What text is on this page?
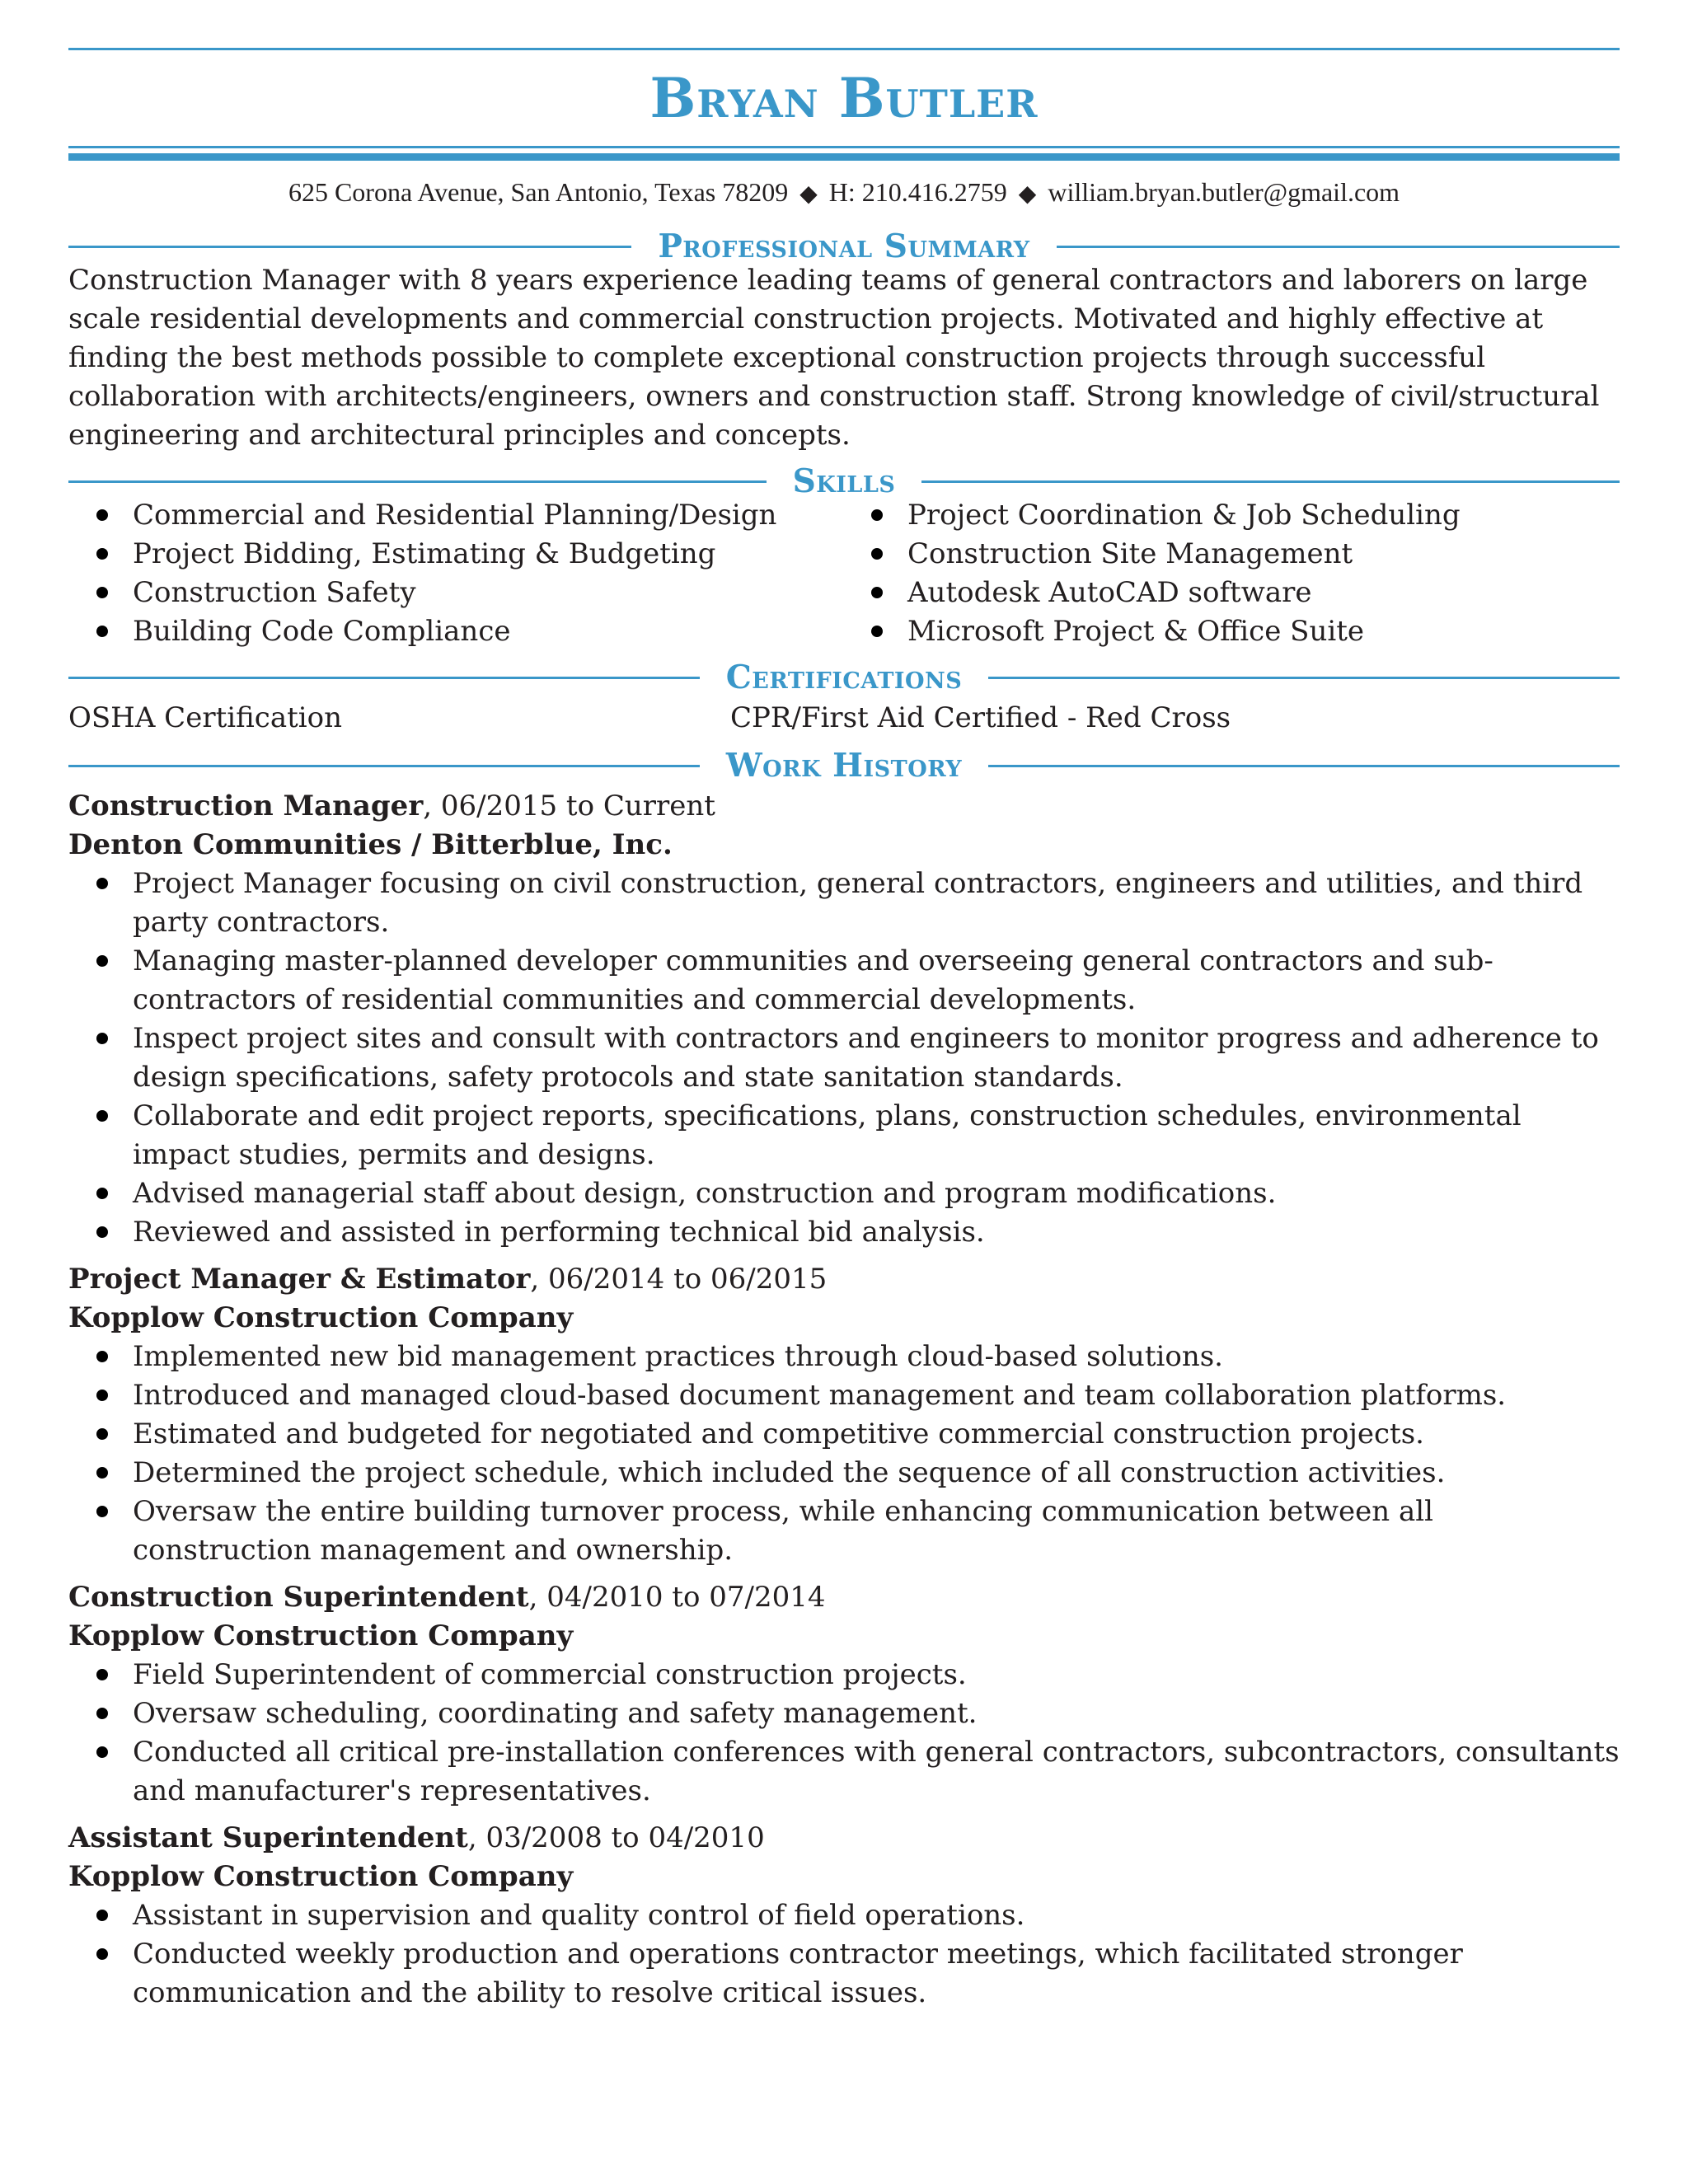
Bryan Butler
625 Corona Avenue, San Antonio, Texas 78209 ◆ H: 210.416.2759 ◆ william.bryan.butler@gmail.com
Professional Summary

Construction Manager with 8 years experience leading teams of general contractors and laborers on large scale residential developments and commercial construction projects. Motivated and highly effective at finding the best methods possible to complete exceptional construction projects through successful collaboration with architects/engineers, owners and construction staff. Strong knowledge of civil/structural engineering and architectural principles and concepts.

Skills
Commercial and Residential Planning/Design
Project Bidding, Estimating & Budgeting
Construction Safety
Building Code Compliance
Project Coordination & Job Scheduling
Construction Site Management
Autodesk AutoCAD software
Microsoft Project & Office Suite
Certifications
OSHA Certification	CPR/First Aid Certified - Red Cross
Work History
Construction Manager, 06/2015 to Current
Denton Communities / Bitterblue, Inc.
Project Manager focusing on civil construction, general contractors, engineers and utilities, and third party contractors.
Managing master-planned developer communities and overseeing general contractors and sub-contractors of residential communities and commercial developments.
Inspect project sites and consult with contractors and engineers to monitor progress and adherence to design specifications, safety protocols and state sanitation standards.
Collaborate and edit project reports, specifications, plans, construction schedules, environmental impact studies, permits and designs.
Advised managerial staff about design, construction and program modifications.
Reviewed and assisted in performing technical bid analysis.
Project Manager & Estimator, 06/2014 to 06/2015
Kopplow Construction Company
Implemented new bid management practices through cloud-based solutions.
Introduced and managed cloud-based document management and team collaboration platforms.
Estimated and budgeted for negotiated and competitive commercial construction projects.
Determined the project schedule, which included the sequence of all construction activities.
Oversaw the entire building turnover process, while enhancing communication between all construction management and ownership.
Construction Superintendent, 04/2010 to 07/2014
Kopplow Construction Company
Field Superintendent of commercial construction projects.
Oversaw scheduling, coordinating and safety management.
Conducted all critical pre-installation conferences with general contractors, subcontractors, consultants and manufacturer's representatives.
Assistant Superintendent, 03/2008 to 04/2010
Kopplow Construction Company
Assistant in supervision and quality control of field operations.
Conducted weekly production and operations contractor meetings, which facilitated stronger communication and the ability to resolve critical issues.
